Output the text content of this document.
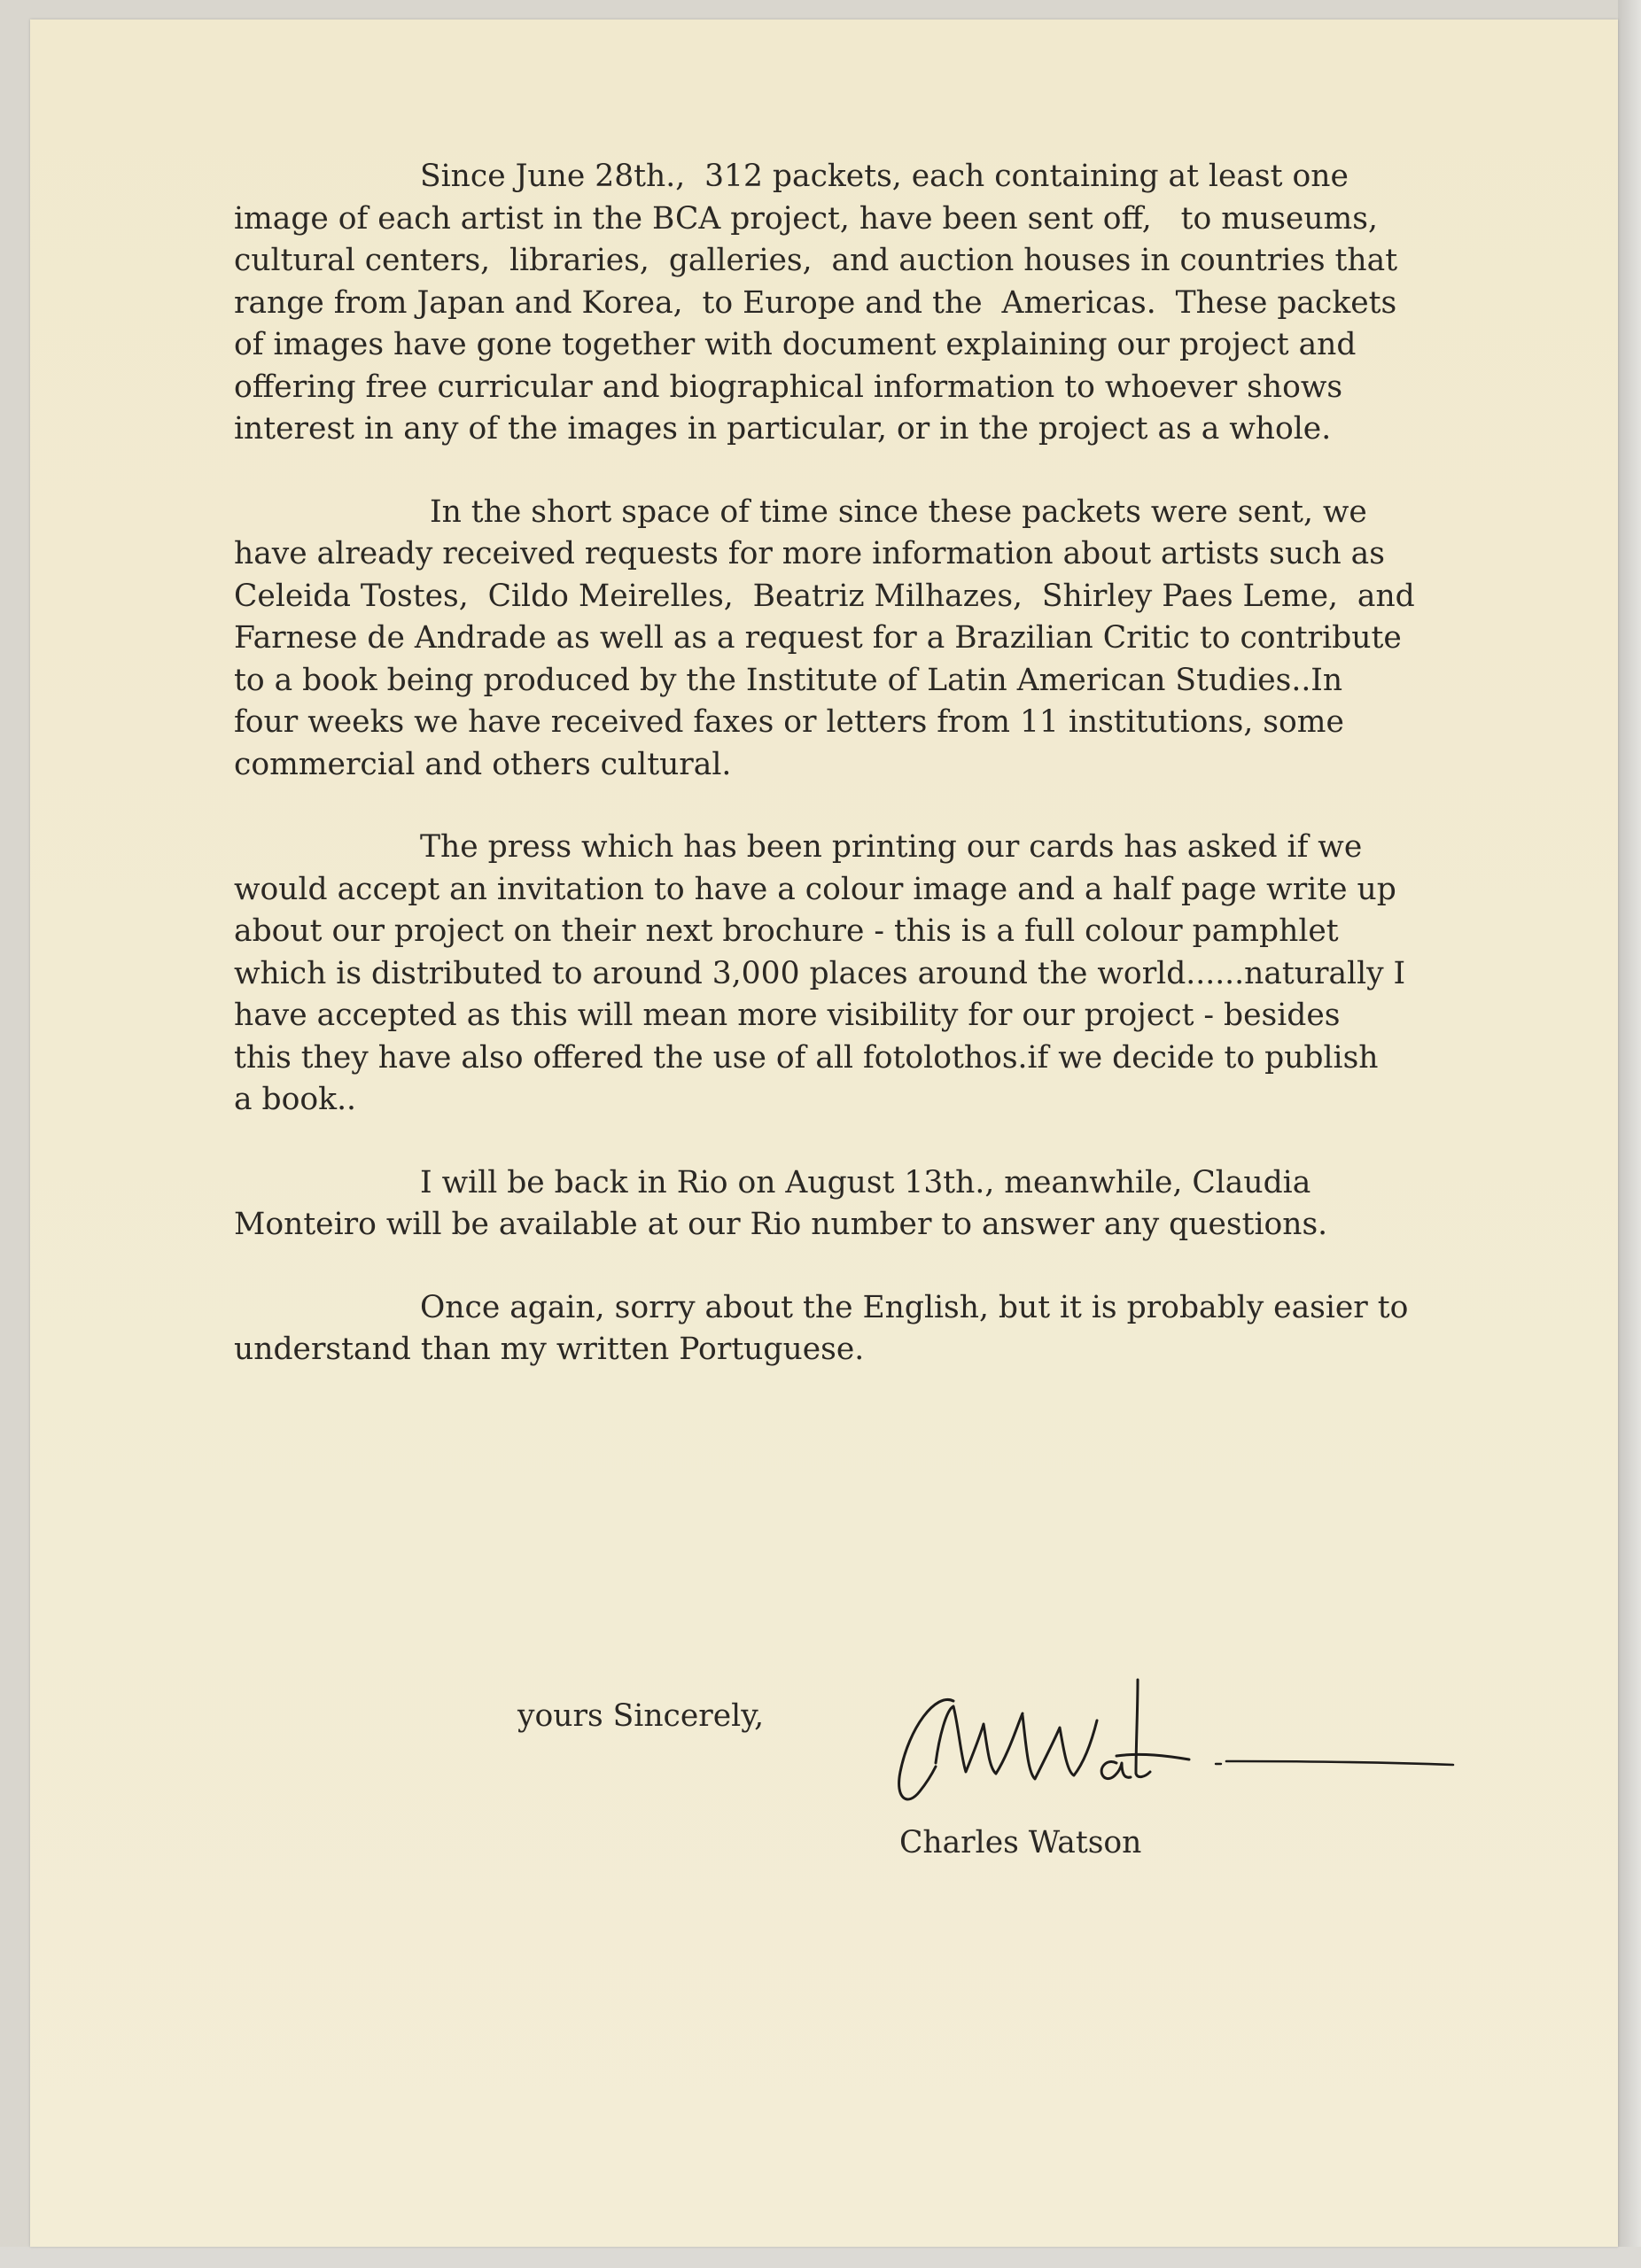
Since June 28th.,  312 packets, each containing at least one
image of each artist in the BCA project, have been sent off,   to museums,
cultural centers,  libraries,  galleries,  and auction houses in countries that
range from Japan and Korea,  to Europe and the  Americas.  These packets
of images have gone together with document explaining our project and
offering free curricular and biographical information to whoever shows
interest in any of the images in particular, or in the project as a whole.

In the short space of time since these packets were sent, we
have already received requests for more information about artists such as
Celeida Tostes,  Cildo Meirelles,  Beatriz Milhazes,  Shirley Paes Leme,  and
Farnese de Andrade as well as a request for a Brazilian Critic to contribute
to a book being produced by the Institute of Latin American Studies..In
four weeks we have received faxes or letters from 11 institutions, some
commercial and others cultural.

The press which has been printing our cards has asked if we
would accept an invitation to have a colour image and a half page write up
about our project on their next brochure - this is a full colour pamphlet
which is distributed to around 3,000 places around the world......naturally I
have accepted as this will mean more visibility for our project - besides
this they have also offered the use of all fotolothos.if we decide to publish
a book..

I will be back in Rio on August 13th., meanwhile, Claudia
Monteiro will be available at our Rio number to answer any questions.

Once again, sorry about the English, but it is probably easier to
understand than my written Portuguese.

yours Sincerely,
Charles Watson
